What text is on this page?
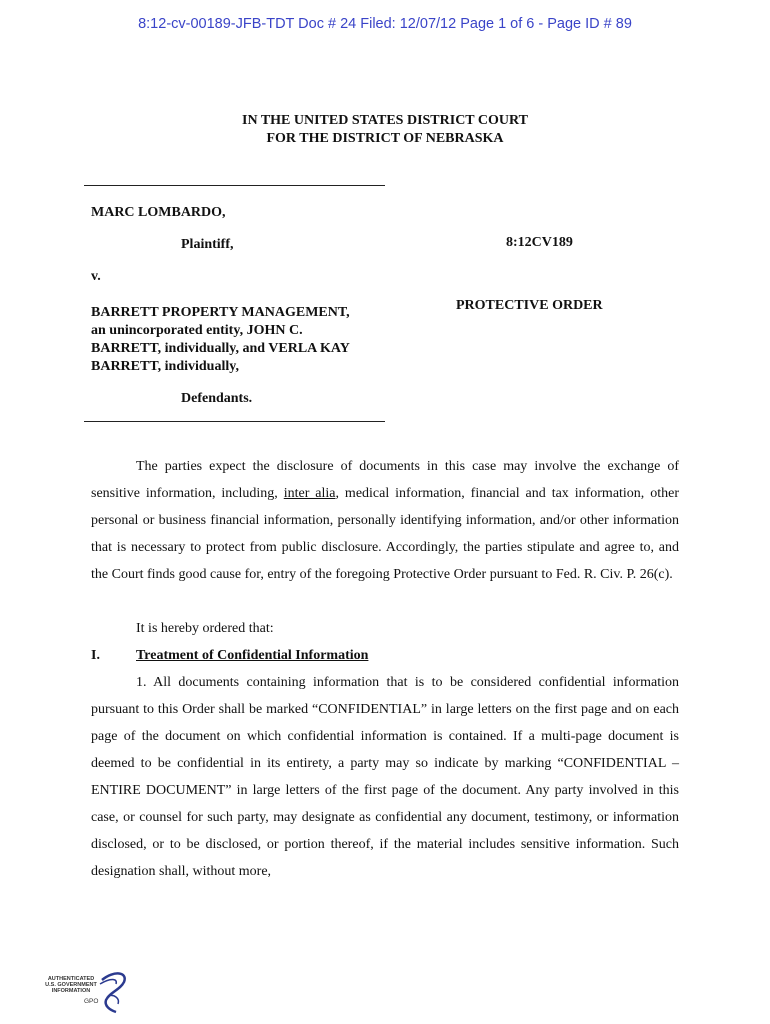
8:12-cv-00189-JFB-TDT Doc # 24 Filed: 12/07/12 Page 1 of 6 - Page ID # 89
IN THE UNITED STATES DISTRICT COURT
FOR THE DISTRICT OF NEBRASKA
MARC LOMBARDO,
Plaintiff,	8:12CV189
v.
BARRETT PROPERTY MANAGEMENT,
an unincorporated entity, JOHN C.
BARRETT, individually, and VERLA KAY
BARRETT, individually,
PROTECTIVE ORDER
Defendants.
The parties expect the disclosure of documents in this case may involve the exchange of sensitive information, including, inter alia, medical information, financial and tax information, other personal or business financial information, personally identifying information, and/or other information that is necessary to protect from public disclosure. Accordingly, the parties stipulate and agree to, and the Court finds good cause for, entry of the foregoing Protective Order pursuant to Fed. R. Civ. P. 26(c).
It is hereby ordered that:
I.	Treatment of Confidential Information
1. All documents containing information that is to be considered confidential information pursuant to this Order shall be marked “CONFIDENTIAL” in large letters on the first page and on each page of the document on which confidential information is contained. If a multi-page document is deemed to be confidential in its entirety, a party may so indicate by marking “CONFIDENTIAL – ENTIRE DOCUMENT” in large letters of the first page of the document. Any party involved in this case, or counsel for such party, may designate as confidential any document, testimony, or information disclosed, or to be disclosed, or portion thereof, if the material includes sensitive information. Such designation shall, without more,
AUTHENTICATED
U.S. GOVERNMENT
INFORMATION
GPO
